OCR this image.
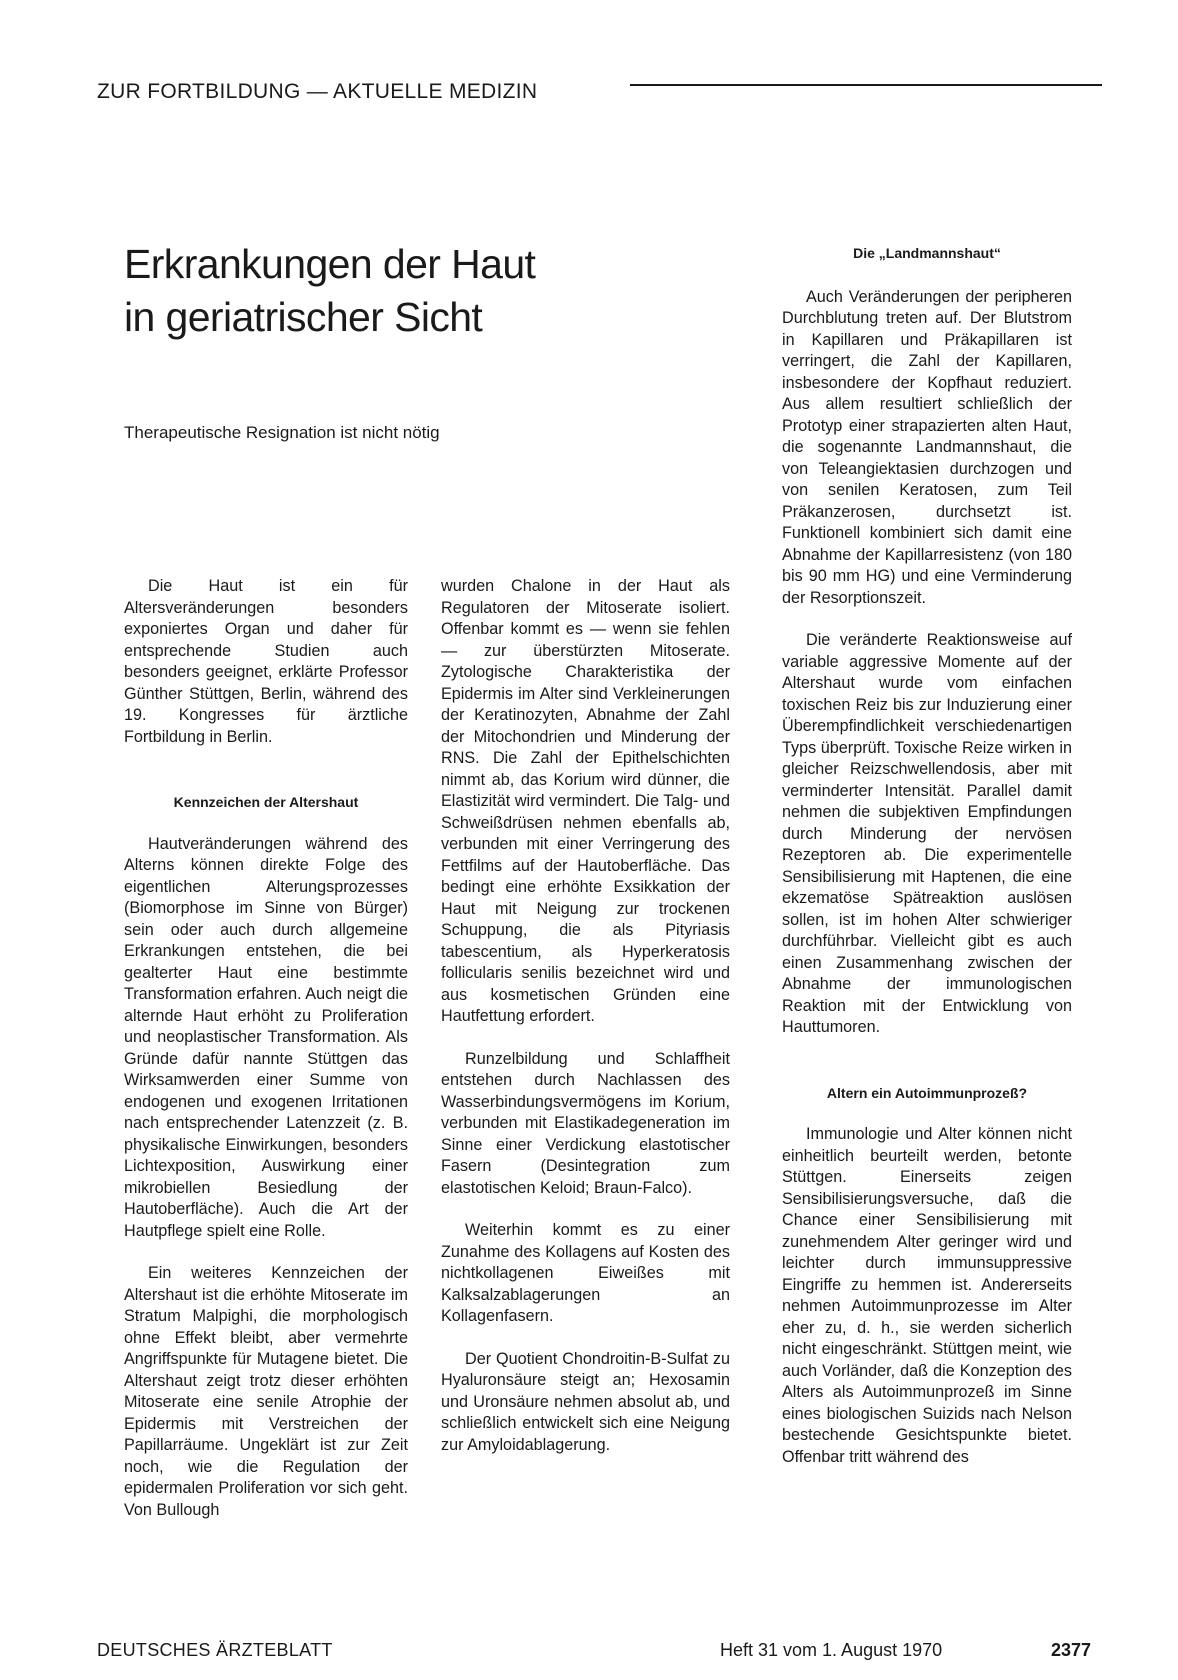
ZUR FORTBILDUNG — AKTUELLE MEDIZIN
Erkrankungen der Haut
in geriatrischer Sicht
Therapeutische Resignation ist nicht nötig

Die Haut ist ein für Altersveränderungen besonders exponiertes Organ und daher für entsprechende Studien auch besonders geeignet, erklärte Professor Günther Stüttgen, Berlin, während des 19. Kongresses für ärztliche Fortbildung in Berlin.

Kennzeichen der Altershaut

Hautveränderungen während des Alterns können direkte Folge des eigentlichen Alterungsprozesses (Biomorphose im Sinne von Bürger) sein oder auch durch allgemeine Erkrankungen entstehen, die bei gealterter Haut eine bestimmte Transformation erfahren. Auch neigt die alternde Haut erhöht zu Proliferation und neoplastischer Transformation. Als Gründe dafür nannte Stüttgen das Wirksamwerden einer Summe von endogenen und exogenen Irritationen nach entsprechender Latenzzeit (z. B. physikalische Einwirkungen, besonders Lichtexposition, Auswirkung einer mikrobiellen Besiedlung der Hautoberfläche). Auch die Art der Hautpflege spielt eine Rolle.

Ein weiteres Kennzeichen der Altershaut ist die erhöhte Mitoserate im Stratum Malpighi, die morphologisch ohne Effekt bleibt, aber vermehrte Angriffspunkte für Mutagene bietet. Die Altershaut zeigt trotz dieser erhöhten Mitoserate eine senile Atrophie der Epidermis mit Verstreichen der Papillarräume. Ungeklärt ist zur Zeit noch, wie die Regulation der epidermalen Proliferation vor sich geht. Von Bullough

wurden Chalone in der Haut als Regulatoren der Mitoserate isoliert. Offenbar kommt es — wenn sie fehlen — zur überstürzten Mitoserate. Zytologische Charakteristika der Epidermis im Alter sind Verkleinerungen der Keratinozyten, Abnahme der Zahl der Mitochondrien und Minderung der RNS. Die Zahl der Epithelschichten nimmt ab, das Korium wird dünner, die Elastizität wird vermindert. Die Talg- und Schweißdrüsen nehmen ebenfalls ab, verbunden mit einer Verringerung des Fettfilms auf der Hautoberfläche. Das bedingt eine erhöhte Exsikkation der Haut mit Neigung zur trockenen Schuppung, die als Pityriasis tabescentium, als Hyperkeratosis follicularis senilis bezeichnet wird und aus kosmetischen Gründen eine Hautfettung erfordert.

Runzelbildung und Schlaffheit entstehen durch Nachlassen des Wasserbindungsvermögens im Korium, verbunden mit Elastikadegeneration im Sinne einer Verdickung elastotischer Fasern (Desintegration zum elastotischen Keloid; Braun-Falco).

Weiterhin kommt es zu einer Zunahme des Kollagens auf Kosten des nichtkollagenen Eiweißes mit Kalksalzablagerungen an Kollagenfasern.

Der Quotient Chondroitin-B-Sulfat zu Hyaluronsäure steigt an; Hexosamin und Uronsäure nehmen absolut ab, und schließlich entwickelt sich eine Neigung zur Amyloidablagerung.

Die „Landmannshaut“

Auch Veränderungen der peripheren Durchblutung treten auf. Der Blutstrom in Kapillaren und Präkapillaren ist verringert, die Zahl der Kapillaren, insbesondere der Kopfhaut reduziert. Aus allem resultiert schließlich der Prototyp einer strapazierten alten Haut, die sogenannte Landmannshaut, die von Teleangiektasien durchzogen und von senilen Keratosen, zum Teil Präkanzerosen, durchsetzt ist. Funktionell kombiniert sich damit eine Abnahme der Kapillarresistenz (von 180 bis 90 mm HG) und eine Verminderung der Resorptionszeit.

Die veränderte Reaktionsweise auf variable aggressive Momente auf der Altershaut wurde vom einfachen toxischen Reiz bis zur Induzierung einer Überempfindlichkeit verschiedenartigen Typs überprüft. Toxische Reize wirken in gleicher Reizschwellendosis, aber mit verminderter Intensität. Parallel damit nehmen die subjektiven Empfindungen durch Minderung der nervösen Rezeptoren ab. Die experimentelle Sensibilisierung mit Haptenen, die eine ekzematöse Spätreaktion auslösen sollen, ist im hohen Alter schwieriger durchführbar. Vielleicht gibt es auch einen Zusammenhang zwischen der Abnahme der immunologischen Reaktion mit der Entwicklung von Hauttumoren.

Altern ein Autoimmunprozeß?

Immunologie und Alter können nicht einheitlich beurteilt werden, betonte Stüttgen. Einerseits zeigen Sensibilisierungsversuche, daß die Chance einer Sensibilisierung mit zunehmendem Alter geringer wird und leichter durch immunsuppressive Eingriffe zu hemmen ist. Andererseits nehmen Autoimmunprozesse im Alter eher zu, d. h., sie werden sicherlich nicht eingeschränkt. Stüttgen meint, wie auch Vorländer, daß die Konzeption des Alters als Autoimmunprozeß im Sinne eines biologischen Suizids nach Nelson bestechende Gesichtspunkte bietet. Offenbar tritt während des

DEUTSCHES ÄRZTEBLATT	Heft 31 vom 1. August 1970	2377
